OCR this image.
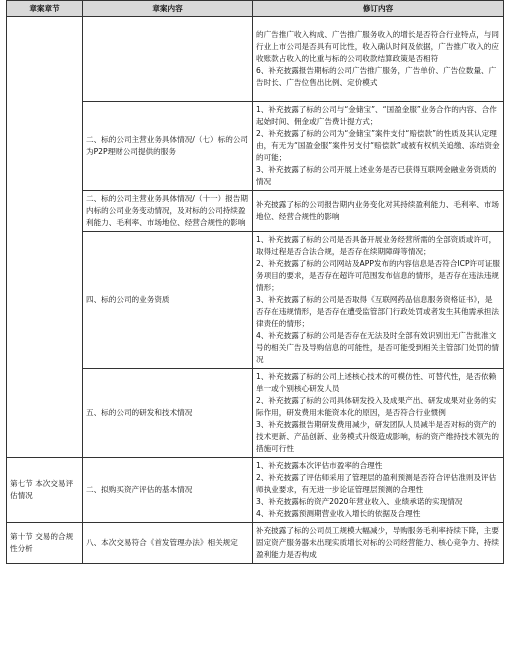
章案章节	章案内容	修订内容

		的广告推广收入构成、广告推广服务收入的增长是否符合行业特点，与同行业上市公司是否具有可比性，收入确认时间及依据，广告推广收入的应收账款占收入的比重与标的公司收款结算政策是否相符
6、补充披露报告期标的公司广告推广服务，广告单价、广告位数量、广告时长、广告位售出比例、定价模式

	二、标的公司主营业务具体情况/（七）标的公司为P2P理财公司提供的服务	1、补充披露了标的公司与“金储宝”、“国盈金服”业务合作的内容、合作起始时间、佣金或广告费计提方式；
2、补充披露了标的公司为“金储宝”案件支付“赔偿款”的性质及其认定理由，有无为“国盈金服”案件另支付“赔偿款”或被有权机关追缴、冻结资金的可能；
3、补充披露了标的公司开展上述业务是否已获得互联网金融业务资质的情况

	二、标的公司主营业务具体情况/（十一）报告期内标的公司业务变动情况，及对标的公司持续盈利能力、毛利率、市场地位、经营合规性的影响	补充披露了标的公司报告期内业务变化对其持续盈利能力、毛利率、市场地位、经营合规性的影响

	四、标的公司的业务资质	1、补充披露了标的公司是否具备开展业务经营所需的全部资质或许可，取得过程是否合法合规，是否存在续期障碍等情况；
2、补充披露了标的公司网站及APP发布的内容信息是否符合ICP许可证服务项目的要求，是否存在超许可范围发布信息的情形，是否存在违法违规情形；
3、补充披露了标的公司是否取得《互联网药品信息服务资格证书》，是否存在违规情形，是否存在遭受监管部门行政处罚或者发生其他需承担法律责任的情形；
4、补充披露了标的公司是否存在无法及时全部有效识别出无广告批准文号的相关广告及导购信息的可能性，是否可能受到相关主管部门处罚的情况

	五、标的公司的研发和技术情况	1、补充披露了标的公司上述核心技术的可模仿性、可替代性，是否依赖单一或个别核心研发人员
2、补充披露了标的公司具体研发投入及成果产出、研发成果对业务的实际作用，研发费用未能资本化的原因，是否符合行业惯例
3、补充披露报告期研发费用减少，研发团队人员减半是否对标的资产的技术更新、产品创新、业务模式升级造成影响，标的资产维持技术领先的措施可行性

第七节 本次交易评估情况	二、拟购买资产评估的基本情况	1、补充披露本次评估市盈率的合理性
2、补充披露了评估师采用了管理层的盈利预测是否符合评估准则及评估师执业要求，有无进一步论证管理层预测的合理性
3、补充披露标的资产2020年营业收入、业绩承诺的实现情况
4、补充披露预测期营业收入增长的依据及合理性

第十节 交易的合规性分析	八、本次交易符合《首发管理办法》相关规定	补充披露了标的公司员工规模大幅减少，导购服务毛利率持续下降，主要固定资产服务器未出现实质增长对标的公司经营能力、核心竞争力、持续盈利能力是否构成
